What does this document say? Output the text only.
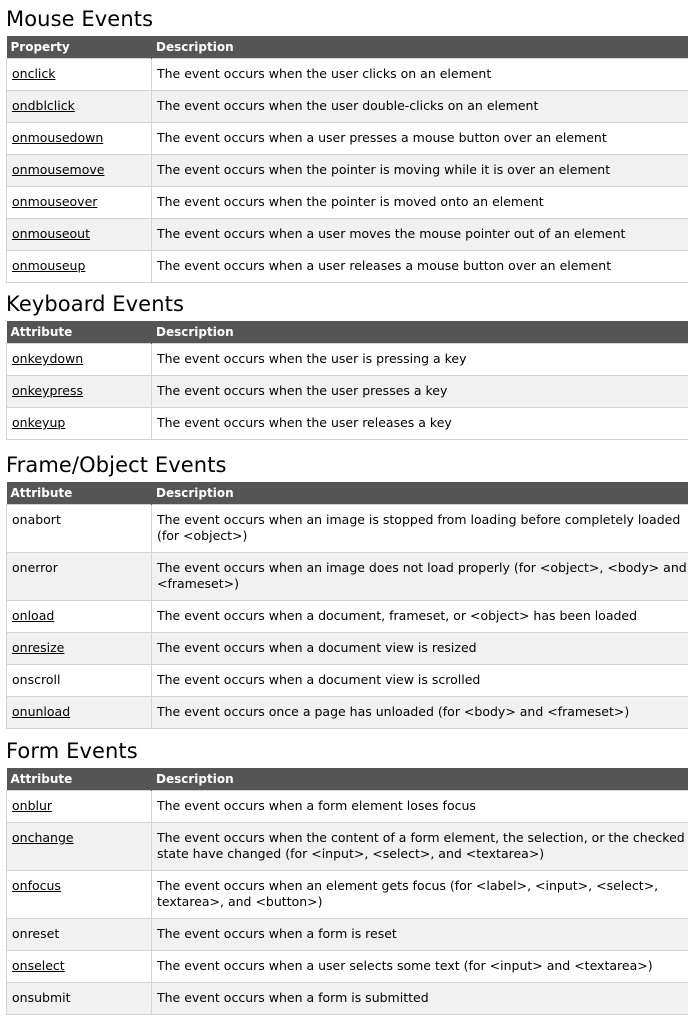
Mouse Events
Property	Description
onclick	The event occurs when the user clicks on an element
ondblclick	The event occurs when the user double-clicks on an element
onmousedown	The event occurs when a user presses a mouse button over an element
onmousemove	The event occurs when the pointer is moving while it is over an element
onmouseover	The event occurs when the pointer is moved onto an element
onmouseout	The event occurs when a user moves the mouse pointer out of an element
onmouseup	The event occurs when a user releases a mouse button over an element
Keyboard Events
Attribute	Description
onkeydown	The event occurs when the user is pressing a key
onkeypress	The event occurs when the user presses a key
onkeyup	The event occurs when the user releases a key
Frame/Object Events
Attribute	Description
onabort	The event occurs when an image is stopped from loading before completely loaded (for <object>)
onerror	The event occurs when an image does not load properly (for <object>, <body> and <frameset>)
onload	The event occurs when a document, frameset, or <object> has been loaded
onresize	The event occurs when a document view is resized
onscroll	The event occurs when a document view is scrolled
onunload	The event occurs once a page has unloaded (for <body> and <frameset>)
Form Events
Attribute	Description
onblur	The event occurs when a form element loses focus
onchange	The event occurs when the content of a form element, the selection, or the checked state have changed (for <input>, <select>, and <textarea>)
onfocus	The event occurs when an element gets focus (for <label>, <input>, <select>, textarea>, and <button>)
onreset	The event occurs when a form is reset
onselect	The event occurs when a user selects some text (for <input> and <textarea>)
onsubmit	The event occurs when a form is submitted
